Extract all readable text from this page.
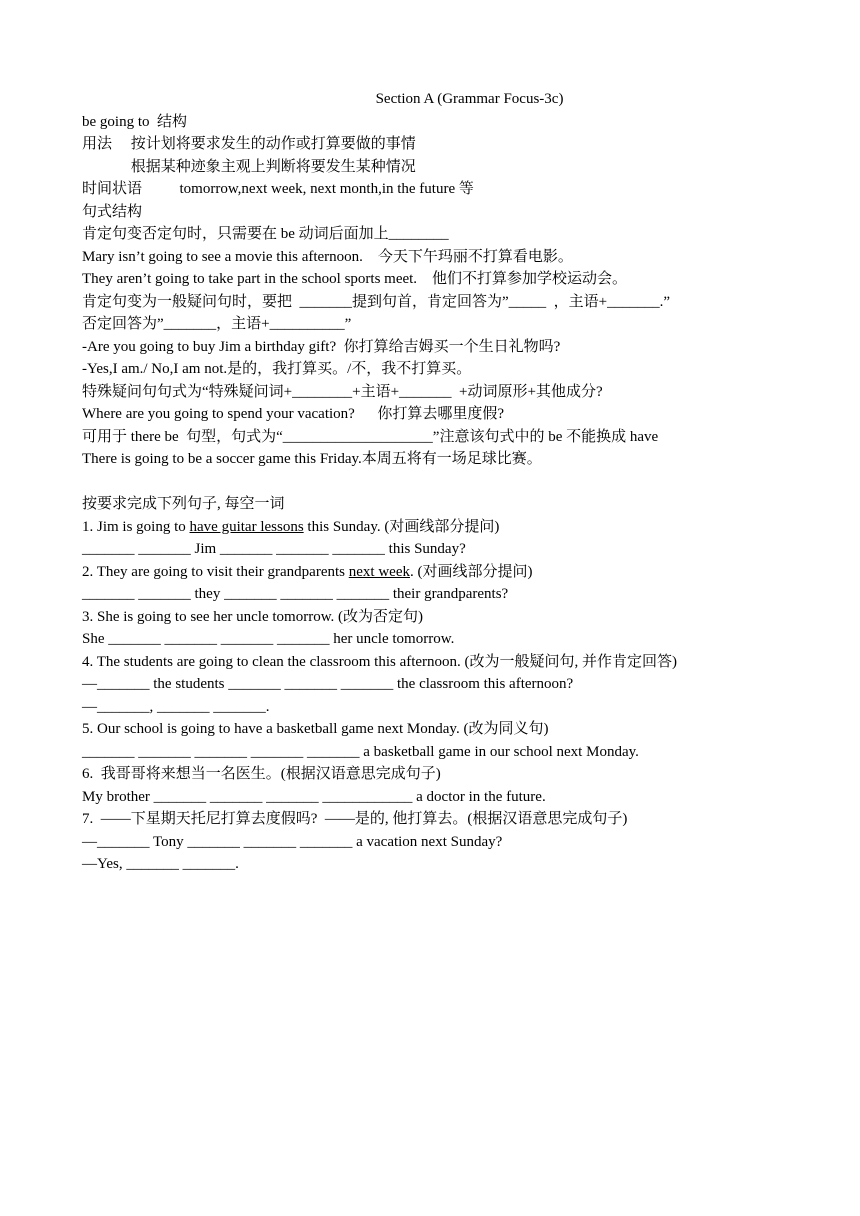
Section A (Grammar Focus-3c)
be going to  结构
用法     按计划将要求发生的动作或打算要做的事情
根据某种迹象主观上判断将要发生某种情况
时间状语          tomorrow,next week, next month,in the future 等
句式结构
肯定句变否定句时，只需要在 be 动词后面加上________
Mary isn’t going to see a movie this afternoon.    今天下午玛丽不打算看电影。
They aren’t going to take part in the school sports meet.    他们不打算参加学校运动会。
肯定句变为一般疑问句时，要把  _______提到句首，肯定回答为”_____  ，主语+_______.”
否定回答为”_______，主语+__________”
-Are you going to buy Jim a birthday gift?  你打算给吉姆买一个生日礼物吗?
-Yes,I am./ No,I am not.是的，我打算买。/不，我不打算买。
特殊疑问句句式为“特殊疑问词+________+主语+_______  +动词原形+其他成分?
Where are you going to spend your vacation?      你打算去哪里度假?
可用于 there be  句型，句式为“____________________”注意该句式中的 be 不能换成 have
There is going to be a soccer game this Friday.本周五将有一场足球比赛。
按要求完成下列句子, 每空一词
1. Jim is going to have guitar lessons this Sunday. (对画线部分提问)
_______ _______ Jim _______ _______ _______ this Sunday?
2. They are going to visit their grandparents next week. (对画线部分提问)
_______ _______ they _______ _______ _______ their grandparents?
3. She is going to see her uncle tomorrow. (改为否定句)
She _______ _______ _______ _______ her uncle tomorrow.
4. The students are going to clean the classroom this afternoon. (改为一般疑问句, 并作肯定回答)
—_______ the students _______ _______ _______ the classroom this afternoon?
—_______, _______ _______.
5. Our school is going to have a basketball game next Monday. (改为同义句)
_______ _______ _______ _______ _______ a basketball game in our school next Monday.
6.  我哥哥将来想当一名医生。(根据汉语意思完成句子)
My brother _______ _______ _______ ____________ a doctor in the future.
7.  ——下星期天托尼打算去度假吗?  ——是的, 他打算去。(根据汉语意思完成句子)
—_______ Tony _______ _______ _______ a vacation next Sunday?
—Yes, _______ _______.
